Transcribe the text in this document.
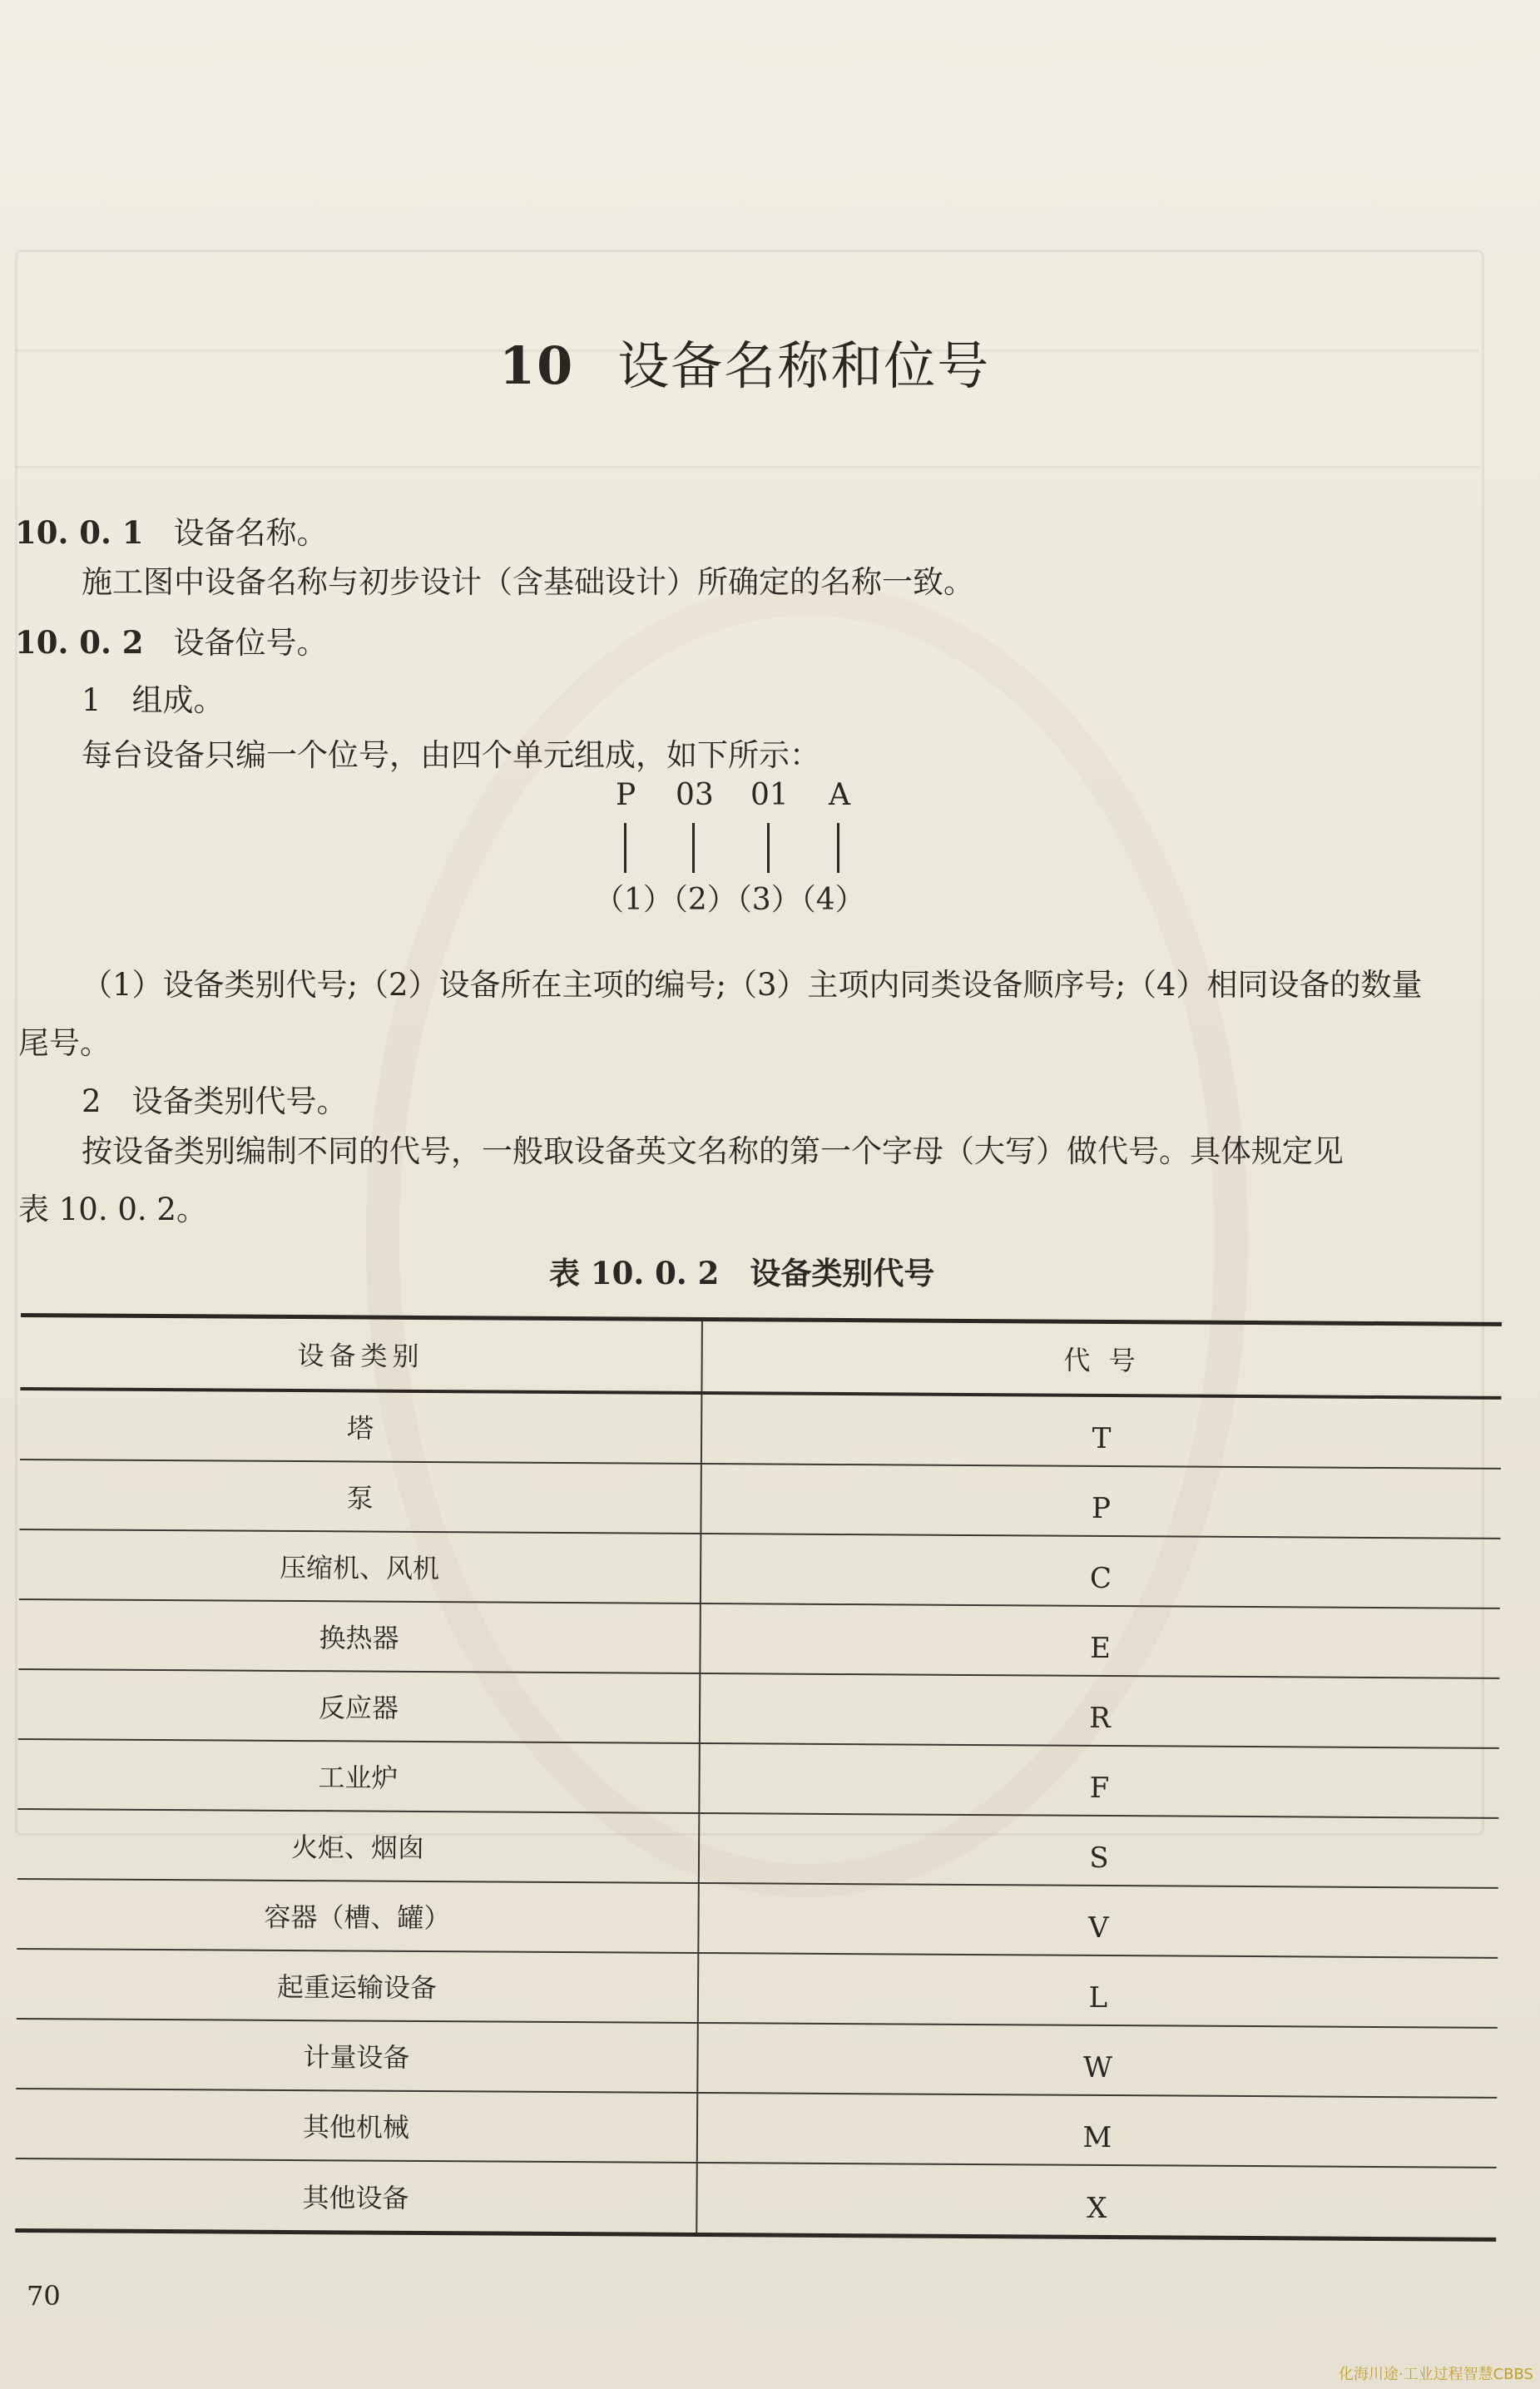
10 设备名称和位号
10. 0. 1 设备名称。
施工图中设备名称与初步设计（含基础设计）所确定的名称一致。
10. 0. 2 设备位号。
1　组成。
每台设备只编一个位号，由四个单元组成，如下所示：
P 03 01 A
（1）（2）（3）（4）
（1）设备类别代号;（2）设备所在主项的编号;（3）主项内同类设备顺序号;（4）相同设备的数量
尾号。
2　设备类别代号。
按设备类别编制不同的代号，一般取设备英文名称的第一个字母（大写）做代号。具体规定见
表 10. 0. 2。
表 10. 0. 2　设备类别代号
设备类别	代 号
塔	T
泵	P
压缩机、风机	C
换热器	E
反应器	R
工业炉	F
火炬、烟囱	S
容器（槽、罐）	V
起重运输设备	L
计量设备	W
其他机械	M
其他设备	X
70
化海川途·工业过程智慧CBBS
